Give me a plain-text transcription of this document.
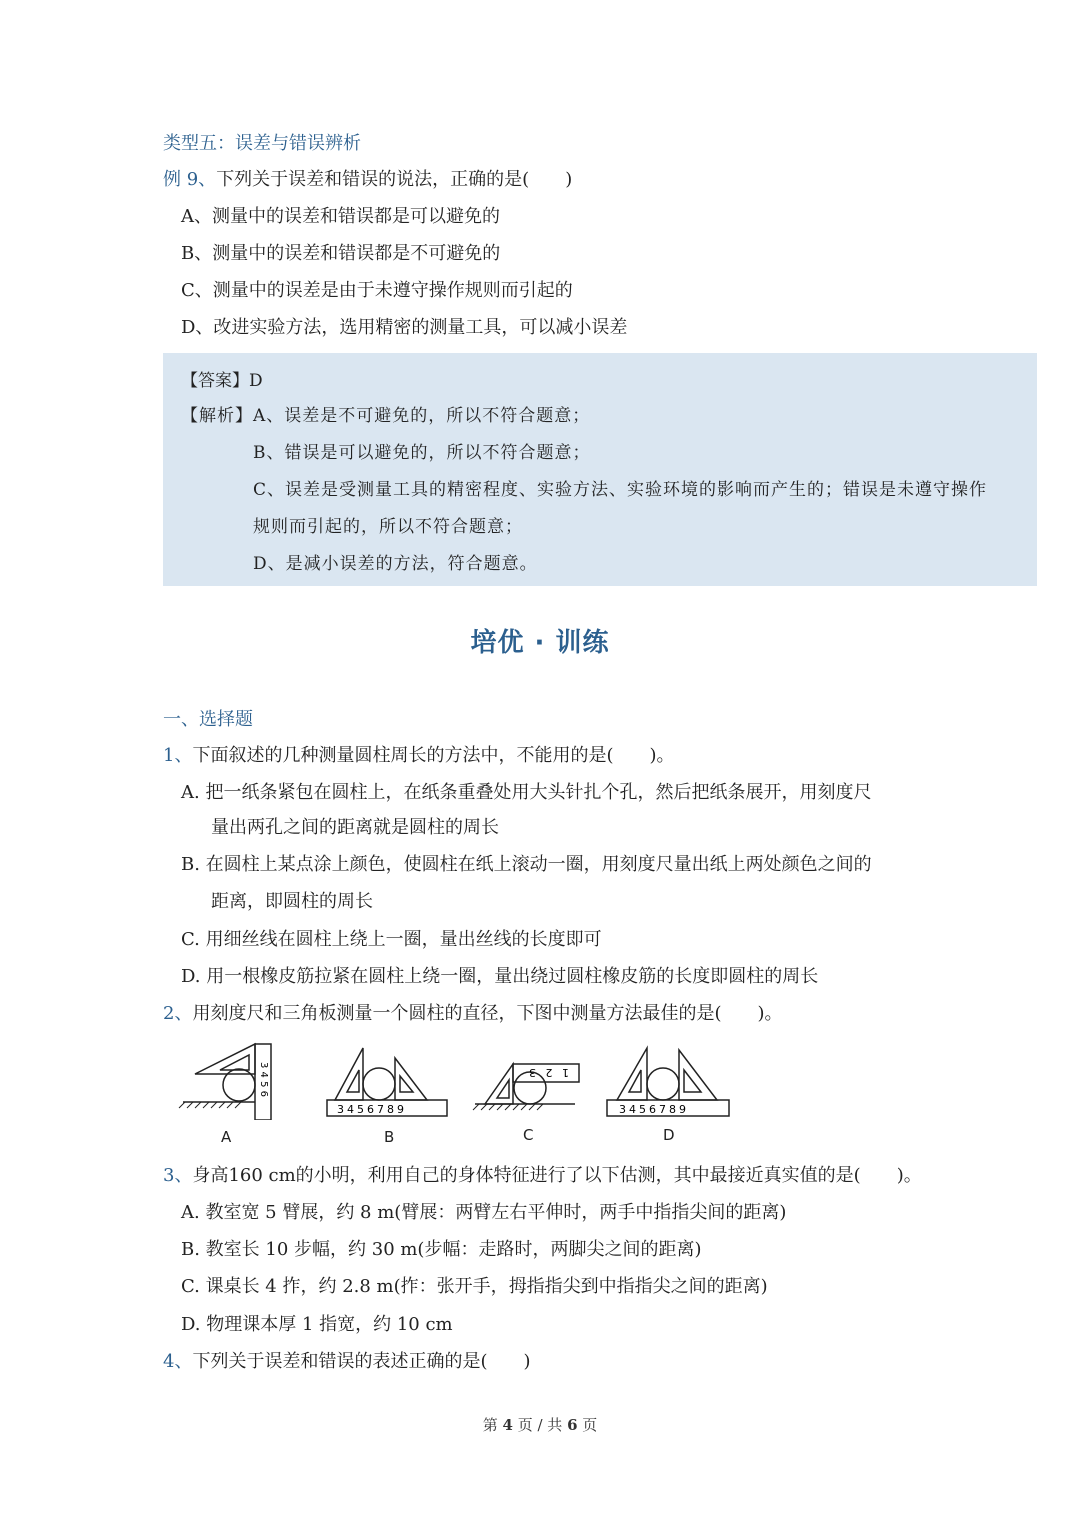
类型五：误差与错误辨析
例 9、下列关于误差和错误的说法，正确的是(　　)
A、测量中的误差和错误都是可以避免的
B、测量中的误差和错误都是不可避免的
C、测量中的误差是由于未遵守操作规则而引起的
D、改进实验方法，选用精密的测量工具，可以减小误差
【答案】D
【解析】 A、误差是不可避免的，所以不符合题意；
B、错误是可以避免的，所以不符合题意；
C、误差是受测量工具的精密程度、实验方法、实验环境的影响而产生的；错误是未遵守操作
规则而引起的，所以不符合题意；
D、是减小误差的方法，符合题意。
培优 · 训练
一、选择题
1、下面叙述的几种测量圆柱周长的方法中，不能用的是(　　)。
A. 把一纸条紧包在圆柱上，在纸条重叠处用大头针扎个孔，然后把纸条展开，用刻度尺
量出两孔之间的距离就是圆柱的周长
B. 在圆柱上某点涂上颜色，使圆柱在纸上滚动一圈，用刻度尺量出纸上两处颜色之间的
距离，即圆柱的周长
C. 用细丝线在圆柱上绕上一圈，量出丝线的长度即可
D. 用一根橡皮筋拉紧在圆柱上绕一圈，量出绕过圆柱橡皮筋的长度即圆柱的周长
2、用刻度尺和三角板测量一个圆柱的直径，下图中测量方法最佳的是(　　)。
3 4 5 6
3456789
1 2 3
3456789
A	B	C	D
3、身高160 cm的小明，利用自己的身体特征进行了以下估测，其中最接近真实值的是(　　)。
A. 教室宽 5 臂展，约 8 m(臂展：两臂左右平伸时，两手中指指尖间的距离)
B. 教室长 10 步幅，约 30 m(步幅：走路时，两脚尖之间的距离)
C. 课桌长 4 拃，约 2.8 m(拃：张开手，拇指指尖到中指指尖之间的距离)
D. 物理课本厚 1 指宽，约 10 cm
4、下列关于误差和错误的表述正确的是(　　)
第 4 页 / 共 6 页
